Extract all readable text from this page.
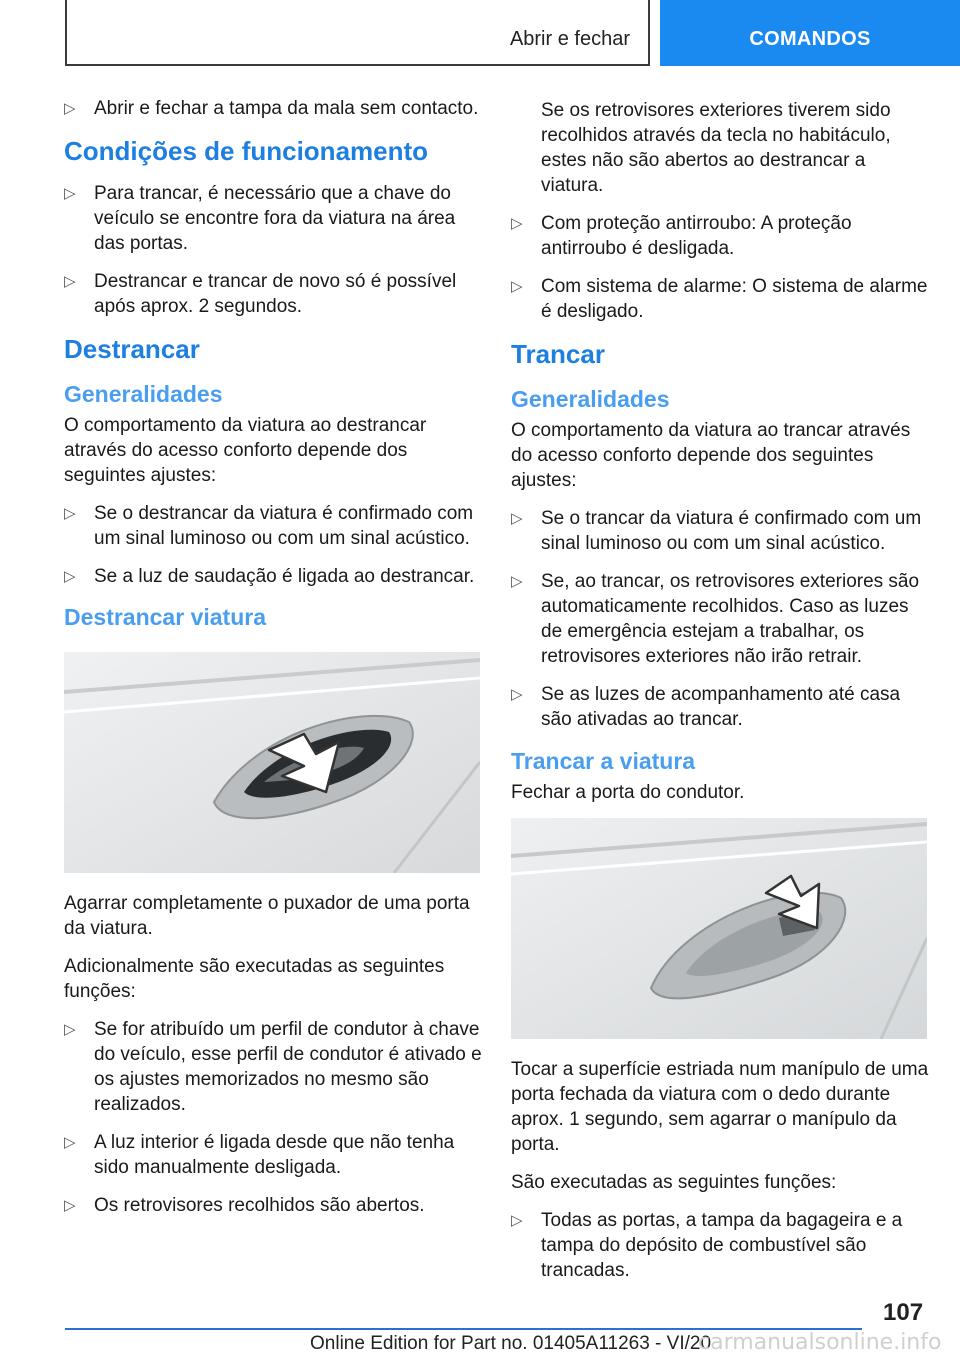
Abrir e fechar	COMANDOS
▷ Abrir e fechar a tampa da mala sem contacto.
Condições de funcionamento
▷ Para trancar, é necessário que a chave do veículo se encontre fora da viatura na área das portas.
▷ Destrancar e trancar de novo só é possível após aprox. 2 segundos.
Destrancar
Generalidades
O comportamento da viatura ao destrancar através do acesso conforto depende dos seguintes ajustes:
▷ Se o destrancar da viatura é confirmado com um sinal luminoso ou com um sinal acústico.
▷ Se a luz de saudação é ligada ao destrancar.
Destrancar viatura
Agarrar completamente o puxador de uma porta da viatura.
Adicionalmente são executadas as seguintes funções:
▷ Se for atribuído um perfil de condutor à chave do veículo, esse perfil de condutor é ativado e os ajustes memorizados no mesmo são realizados.
▷ A luz interior é ligada desde que não tenha sido manualmente desligada.
▷ Os retrovisores recolhidos são abertos.
Se os retrovisores exteriores tiverem sido recolhidos através da tecla no habitáculo, estes não são abertos ao destrancar a viatura.
▷ Com proteção antirroubo: A proteção antirroubo é desligada.
▷ Com sistema de alarme: O sistema de alarme é desligado.
Trancar
Generalidades
O comportamento da viatura ao trancar através do acesso conforto depende dos seguintes ajustes:
▷ Se o trancar da viatura é confirmado com um sinal luminoso ou com um sinal acústico.
▷ Se, ao trancar, os retrovisores exteriores são automaticamente recolhidos. Caso as luzes de emergência estejam a trabalhar, os retrovisores exteriores não irão retrair.
▷ Se as luzes de acompanhamento até casa são ativadas ao trancar.
Trancar a viatura
Fechar a porta do condutor.
Tocar a superfície estriada num manípulo de uma porta fechada da viatura com o dedo durante aprox. 1 segundo, sem agarrar o manípulo da porta.
São executadas as seguintes funções:
▷ Todas as portas, a tampa da bagageira e a tampa do depósito de combustível são trancadas.
107
Online Edition for Part no. 01405A11263 - VI/20
carmanualsonline.info
